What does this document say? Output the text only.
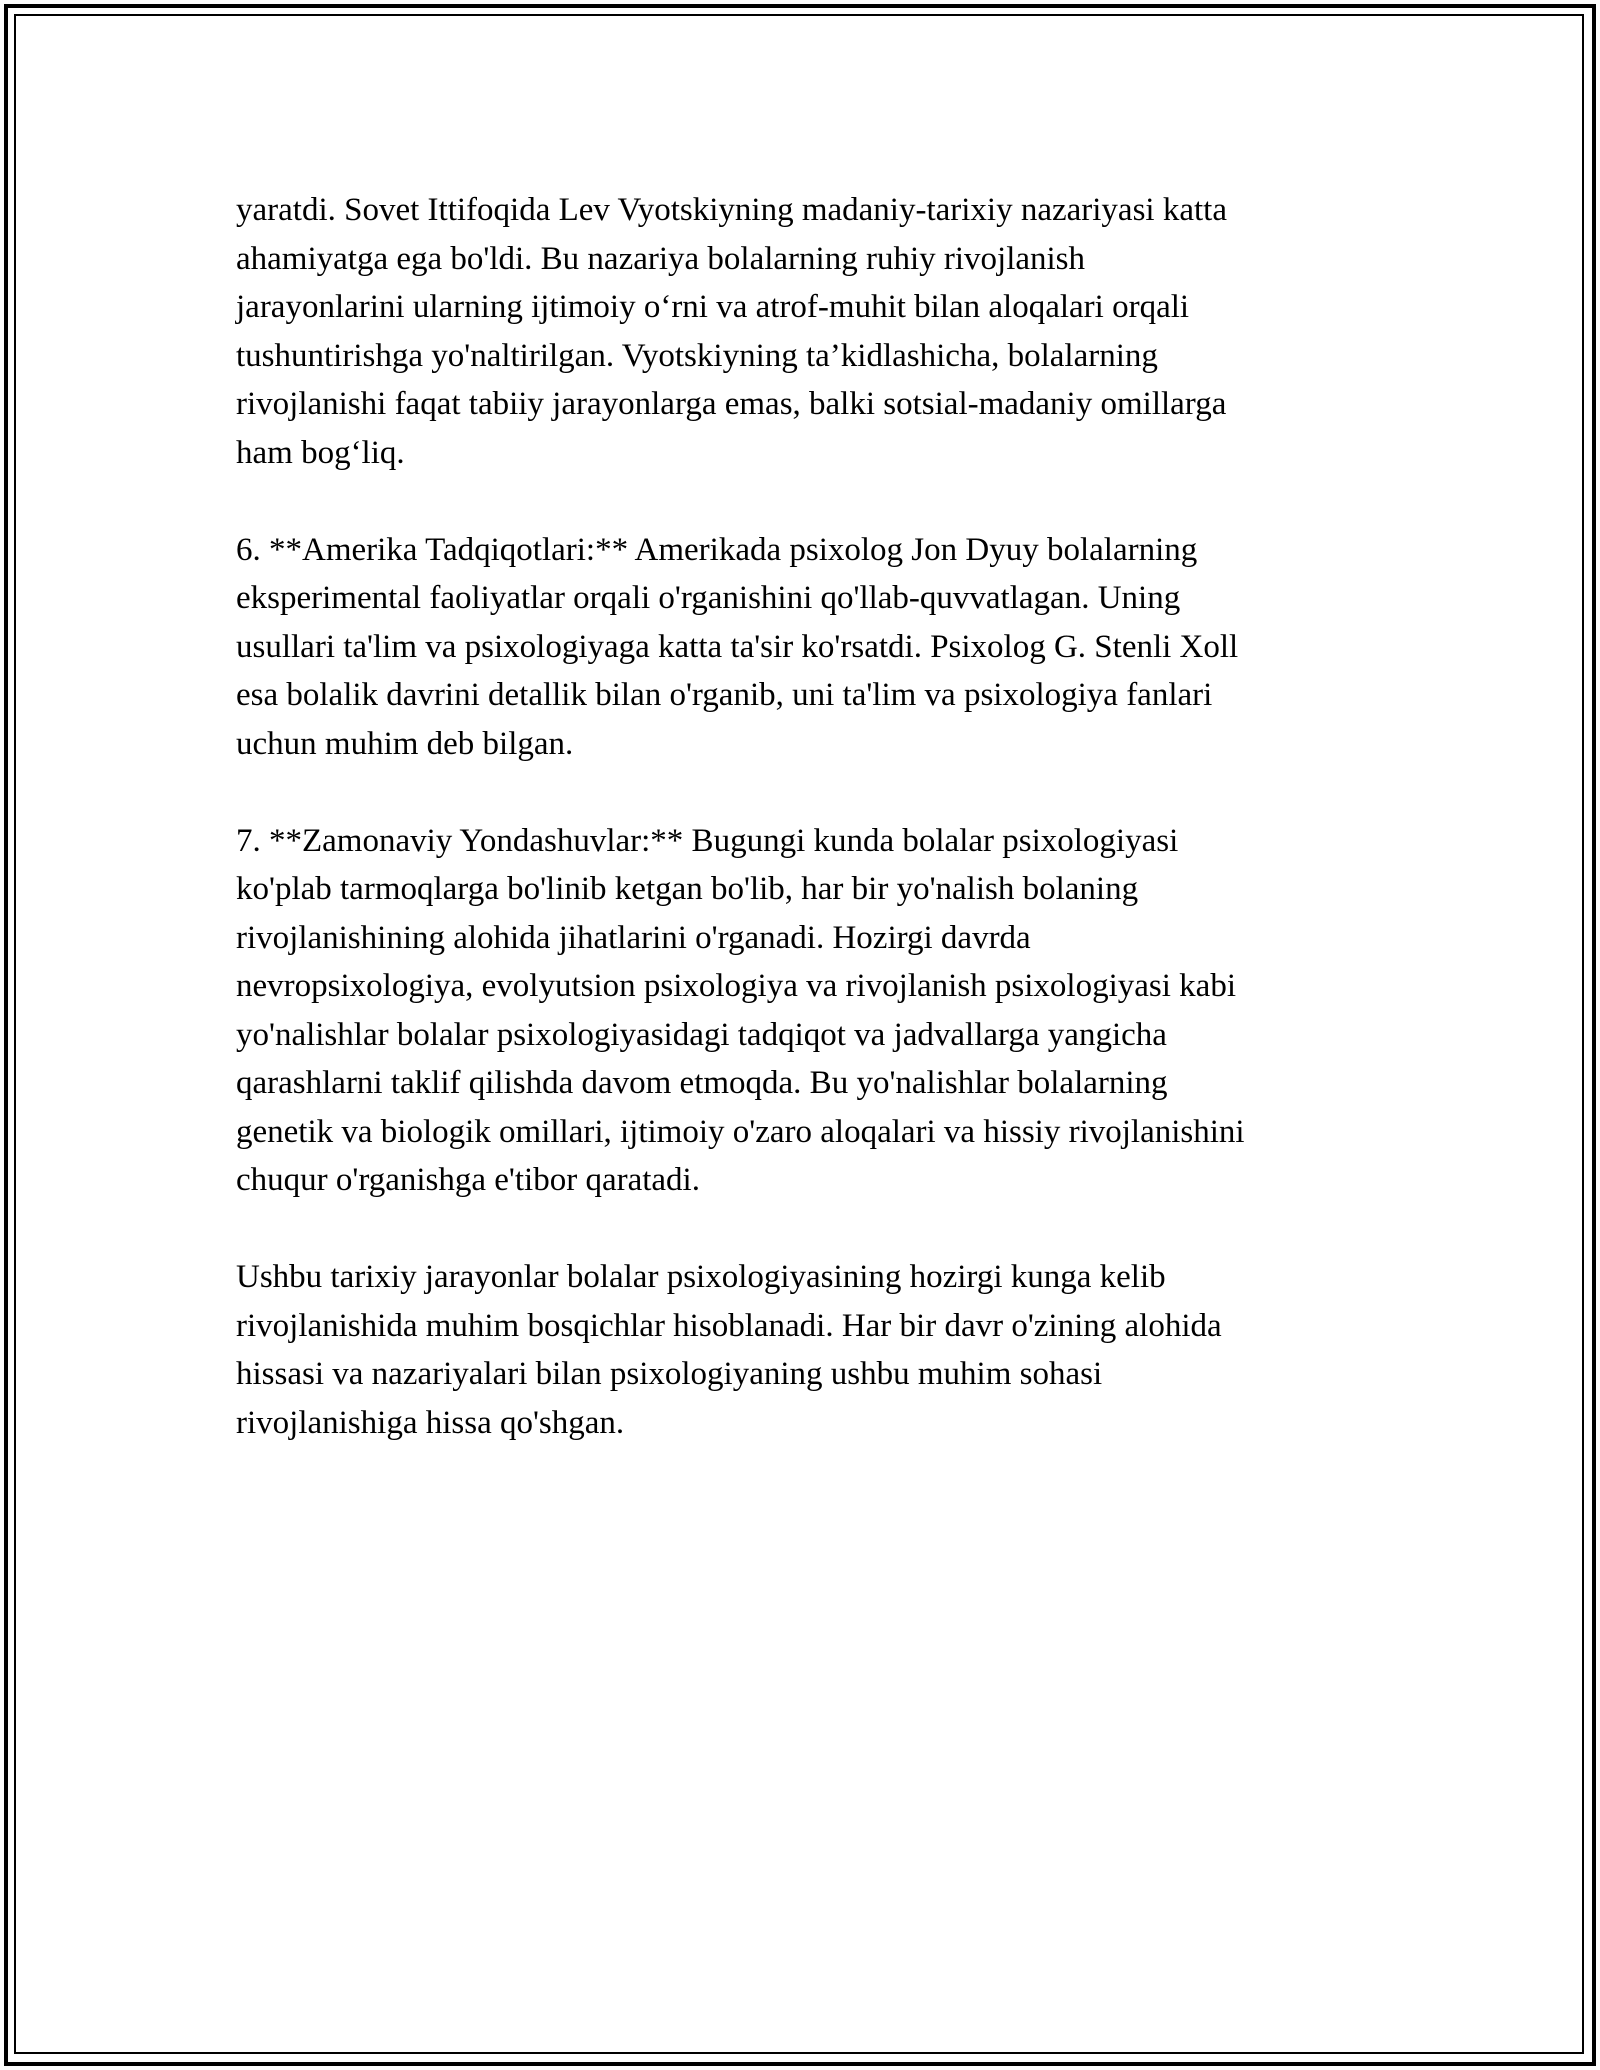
yaratdi. Sovet Ittifoqida Lev Vyotskiyning madaniy-tarixiy nazariyasi katta
ahamiyatga ega bo'ldi. Bu nazariya bolalarning ruhiy rivojlanish
jarayonlarini ularning ijtimoiy o‘rni va atrof-muhit bilan aloqalari orqali
tushuntirishga yo'naltirilgan. Vyotskiyning ta’kidlashicha, bolalarning
rivojlanishi faqat tabiiy jarayonlarga emas, balki sotsial-madaniy omillarga
ham bog‘liq.

6. **Amerika Tadqiqotlari:** Amerikada psixolog Jon Dyuy bolalarning
eksperimental faoliyatlar orqali o'rganishini qo'llab-quvvatlagan. Uning
usullari ta'lim va psixologiyaga katta ta'sir ko'rsatdi. Psixolog G. Stenli Xoll
esa bolalik davrini detallik bilan o'rganib, uni ta'lim va psixologiya fanlari
uchun muhim deb bilgan.

7. **Zamonaviy Yondashuvlar:** Bugungi kunda bolalar psixologiyasi
ko'plab tarmoqlarga bo'linib ketgan bo'lib, har bir yo'nalish bolaning
rivojlanishining alohida jihatlarini o'rganadi. Hozirgi davrda
nevropsixologiya, evolyutsion psixologiya va rivojlanish psixologiyasi kabi
yo'nalishlar bolalar psixologiyasidagi tadqiqot va jadvallarga yangicha
qarashlarni taklif qilishda davom etmoqda. Bu yo'nalishlar bolalarning
genetik va biologik omillari, ijtimoiy o'zaro aloqalari va hissiy rivojlanishini
chuqur o'rganishga e'tibor qaratadi.

Ushbu tarixiy jarayonlar bolalar psixologiyasining hozirgi kunga kelib
rivojlanishida muhim bosqichlar hisoblanadi. Har bir davr o'zining alohida
hissasi va nazariyalari bilan psixologiyaning ushbu muhim sohasi
rivojlanishiga hissa qo'shgan.
